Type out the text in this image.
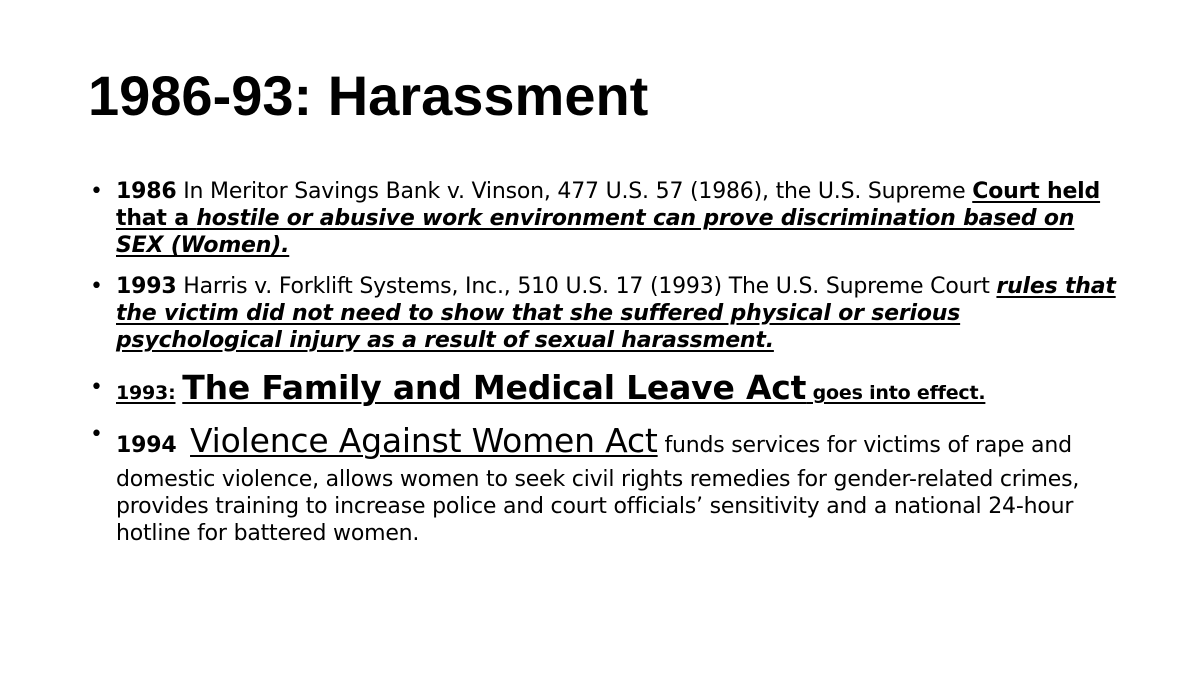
1986-93: Harassment
• 1986 In Meritor Savings Bank v. Vinson, 477 U.S. 57 (1986), the U.S. Supreme Court held that a hostile or abusive work environment can prove discrimination based on SEX (Women).
• 1993 Harris v. Forklift Systems, Inc., 510 U.S. 17 (1993) The U.S. Supreme Court rules that the victim did not need to show that she suffered physical or serious psychological injury as a result of sexual harassment.
• 1993: The Family and Medical Leave Act goes into effect.
• 1994 Violence Against Women Act funds services for victims of rape and domestic violence, allows women to seek civil rights remedies for gender-related crimes, provides training to increase police and court officials’ sensitivity and a national 24-hour hotline for battered women.
